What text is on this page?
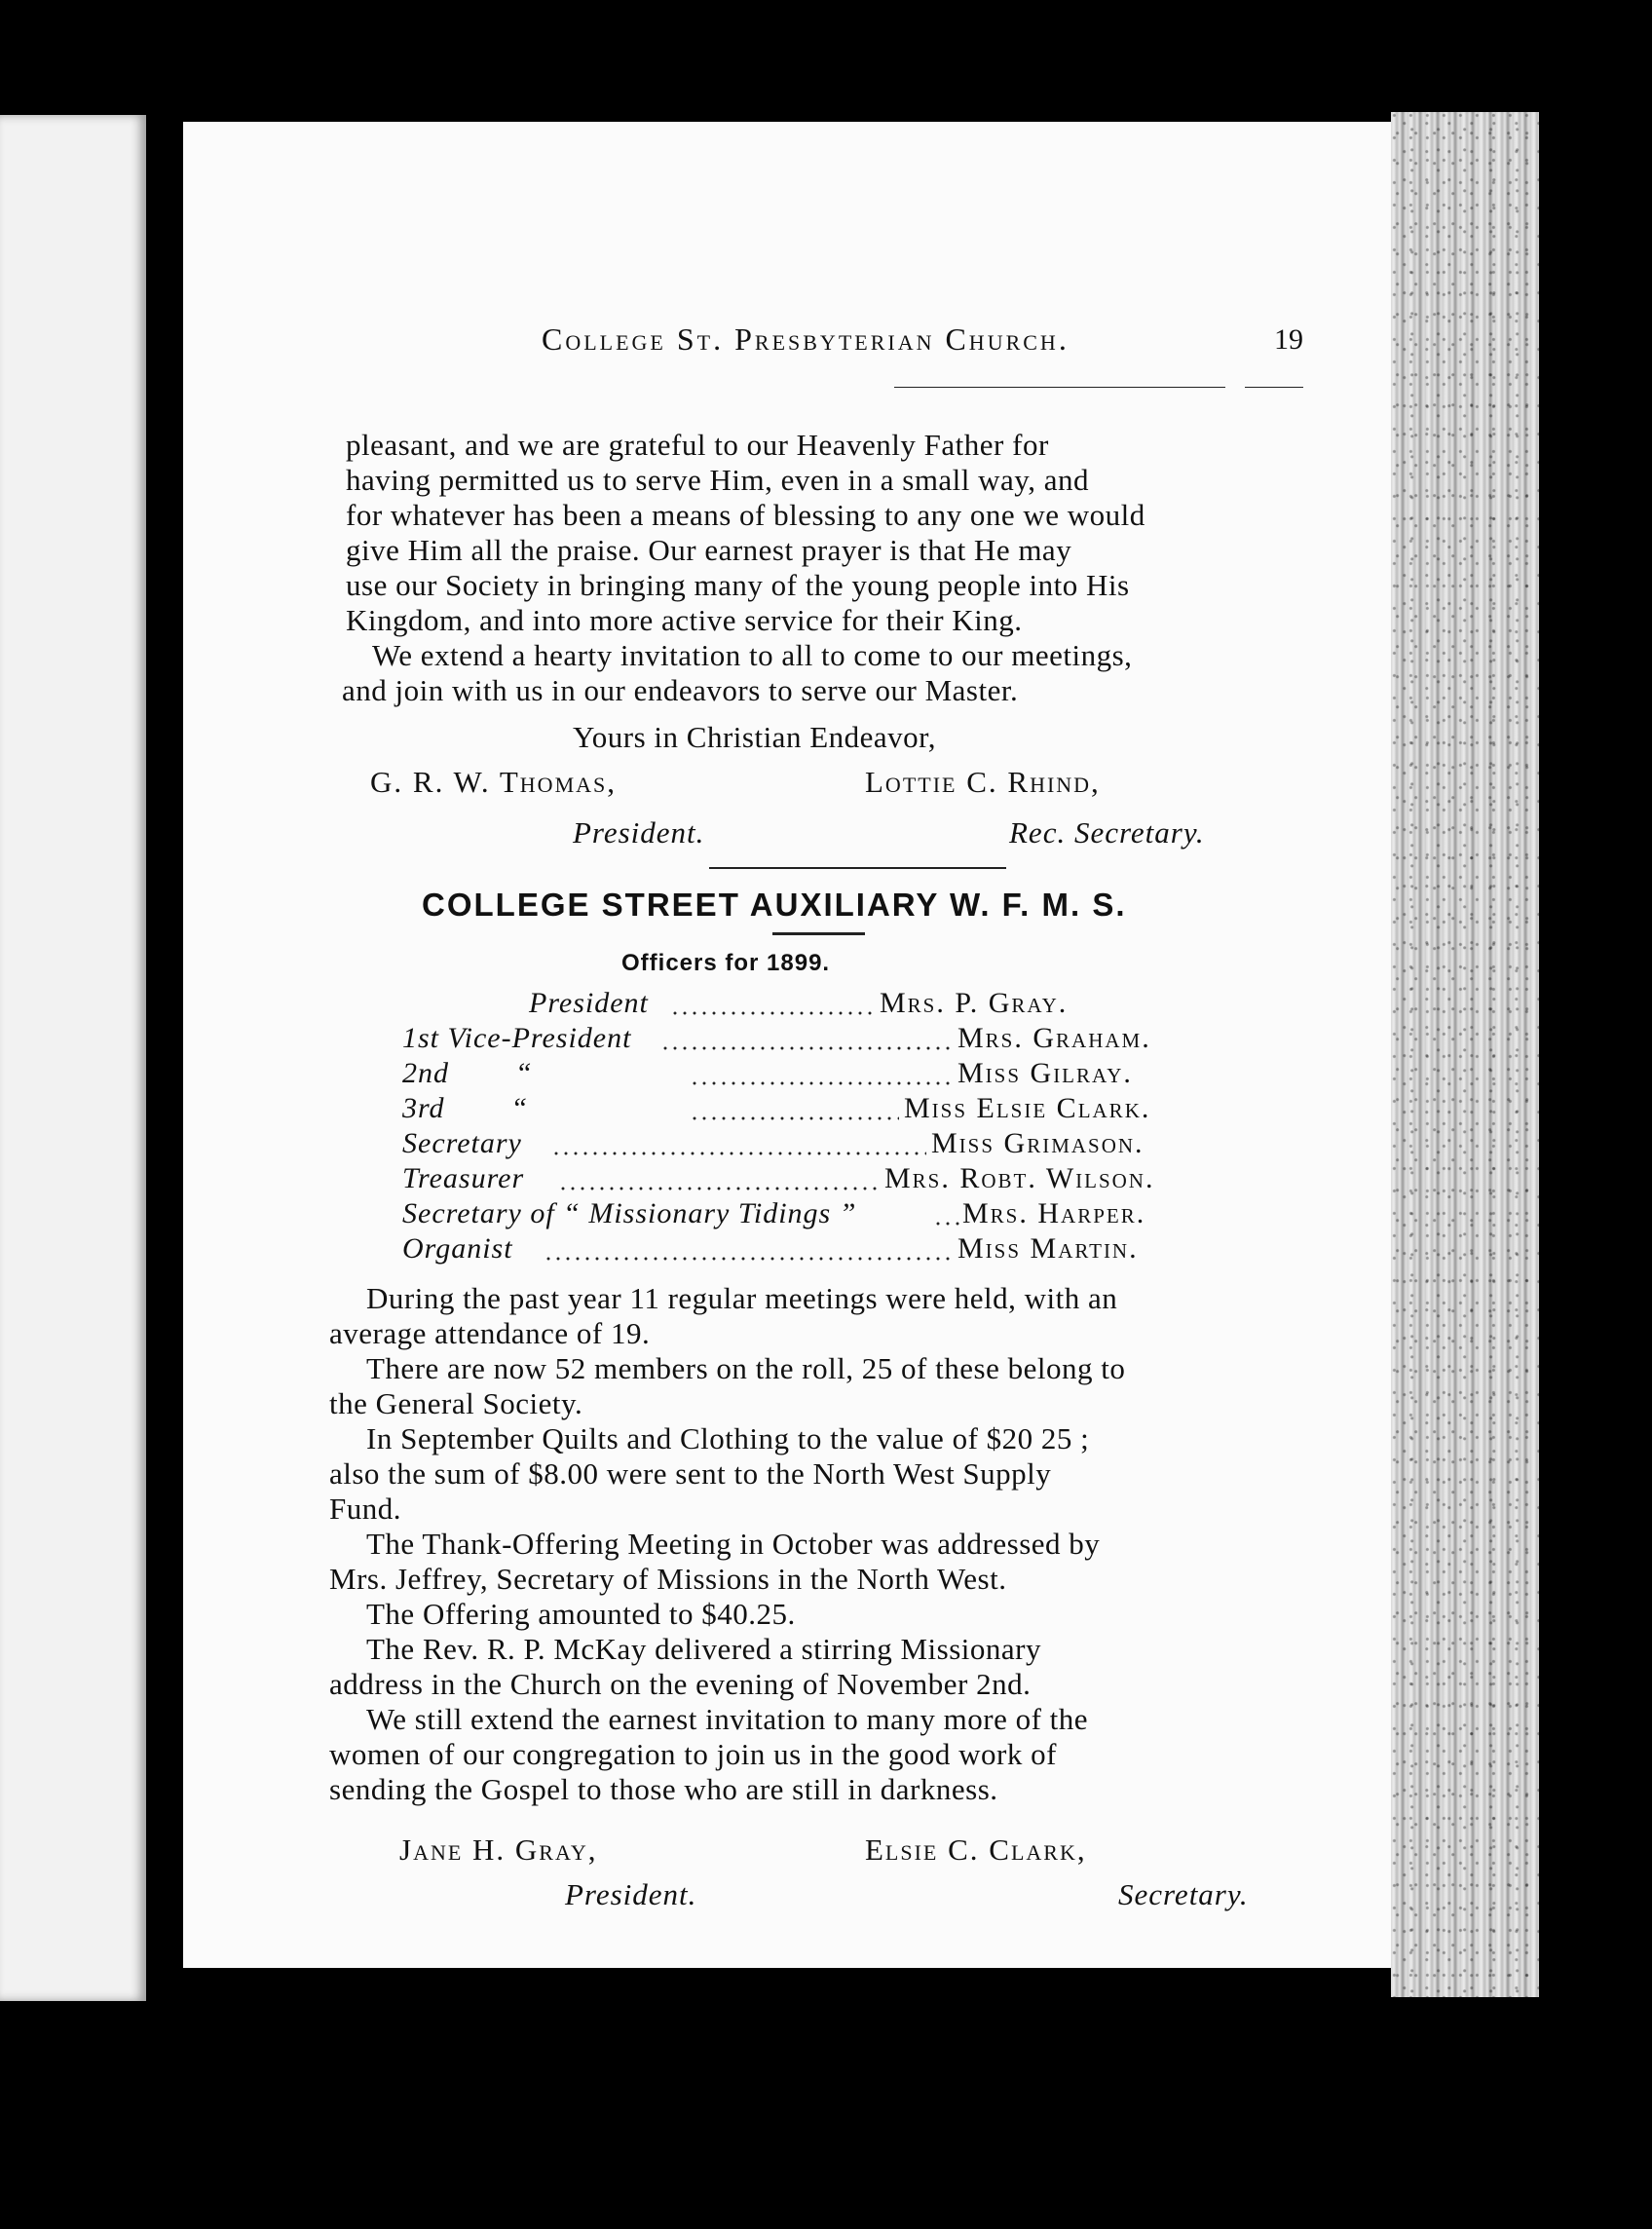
College St. Presbyterian Church.	19
pleasant, and we are grateful to our Heavenly Father for
having permitted us to serve Him, even in a small way, and
for whatever has been a means of blessing to any one we would
give Him all the praise. Our earnest prayer is that He may
use our Society in bringing many of the young people into His
Kingdom, and into more active service for their King.
We extend a hearty invitation to all to come to our meetings,
and join with us in our endeavors to serve our Master.
Yours in Christian Endeavor,
G. R. W. Thomas,	Lottie C. Rhind,
President.	Rec. Secretary.
COLLEGE STREET AUXILIARY W. F. M. S.
Officers for 1899.
President	Mrs. P. Gray.
1st Vice-President	Mrs. Graham.
2nd        “	Miss Gilray.
3rd        “	Miss Elsie Clark.
Secretary	Miss Grimason.
Treasurer	Mrs. Robt. Wilson.
Secretary of “ Missionary Tidings ”	Mrs. Harper.
Organist	Miss Martin.
During the past year 11 regular meetings were held, with an
average attendance of 19.
There are now 52 members on the roll, 25 of these belong to
the General Society.
In September Quilts and Clothing to the value of $20 25 ;
also the sum of $8.00 were sent to the North West Supply
Fund.
The Thank-Offering Meeting in October was addressed by
Mrs. Jeffrey, Secretary of Missions in the North West.
The Offering amounted to $40.25.
The Rev. R. P. McKay delivered a stirring Missionary
address in the Church on the evening of November 2nd.
We still extend the earnest invitation to many more of the
women of our congregation to join us in the good work of
sending the Gospel to those who are still in darkness.
Jane H. Gray,	Elsie C. Clark,
President.	Secretary.
